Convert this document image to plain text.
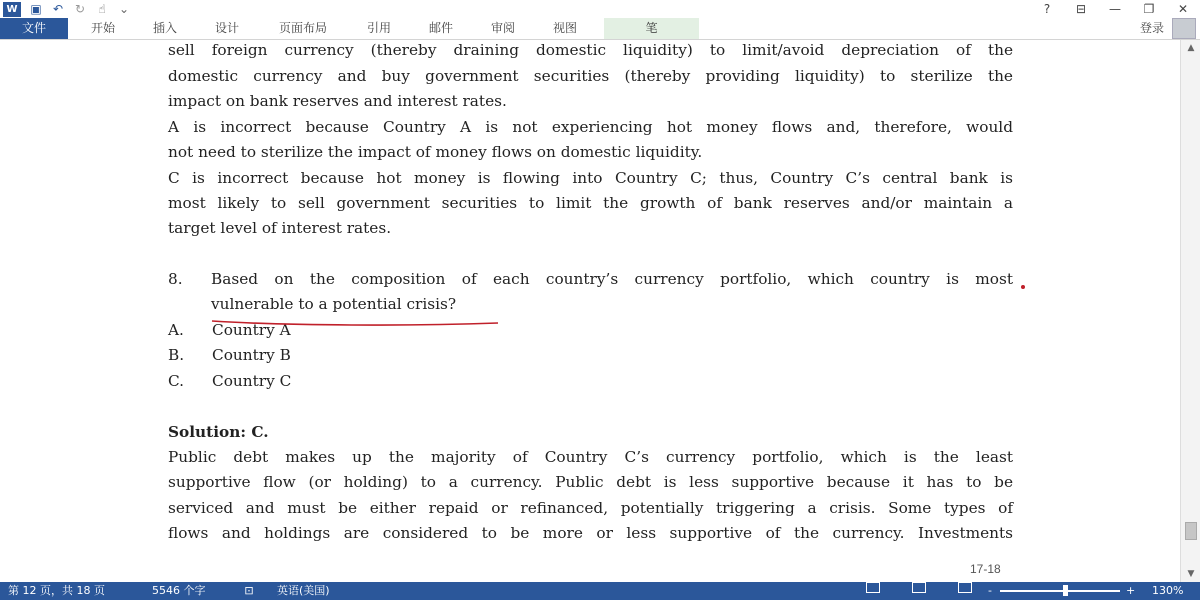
W	▣ ↶ ↻	☝	⌄	?	⊟	—	❐	✕
文件	开始	插入	设计	页面布局	引用	邮件	审阅	视图	笔	登录
sell foreign currency (thereby draining domestic liquidity) to limit/avoid depreciation of the
domestic currency and buy government securities (thereby providing liquidity) to sterilize the
impact on bank reserves and interest rates.
A is incorrect because Country A is not experiencing hot money flows and, therefore, would
not need to sterilize the impact of money flows on domestic liquidity.
C is incorrect because hot money is flowing into Country C; thus, Country C’s central bank is
most likely to sell government securities to limit the growth of bank reserves and/or maintain a
target level of interest rates.
8. Based on the composition of each country’s currency portfolio, which country is most
vulnerable to a potential crisis?
A. Country A
B. Country B
C. Country C
Solution: C.
Public debt makes up the majority of Country C’s currency portfolio, which is the least
supportive flow (or holding) to a currency. Public debt is less supportive because it has to be
serviced and must be either repaid or refinanced, potentially triggering a crisis. Some types of
flows and holdings are considered to be more or less supportive of the currency. Investments
17-18
▲
▼
第 12 页，共 18 页	5546 个字	⊡	英语(美国)	-	+ 130%
